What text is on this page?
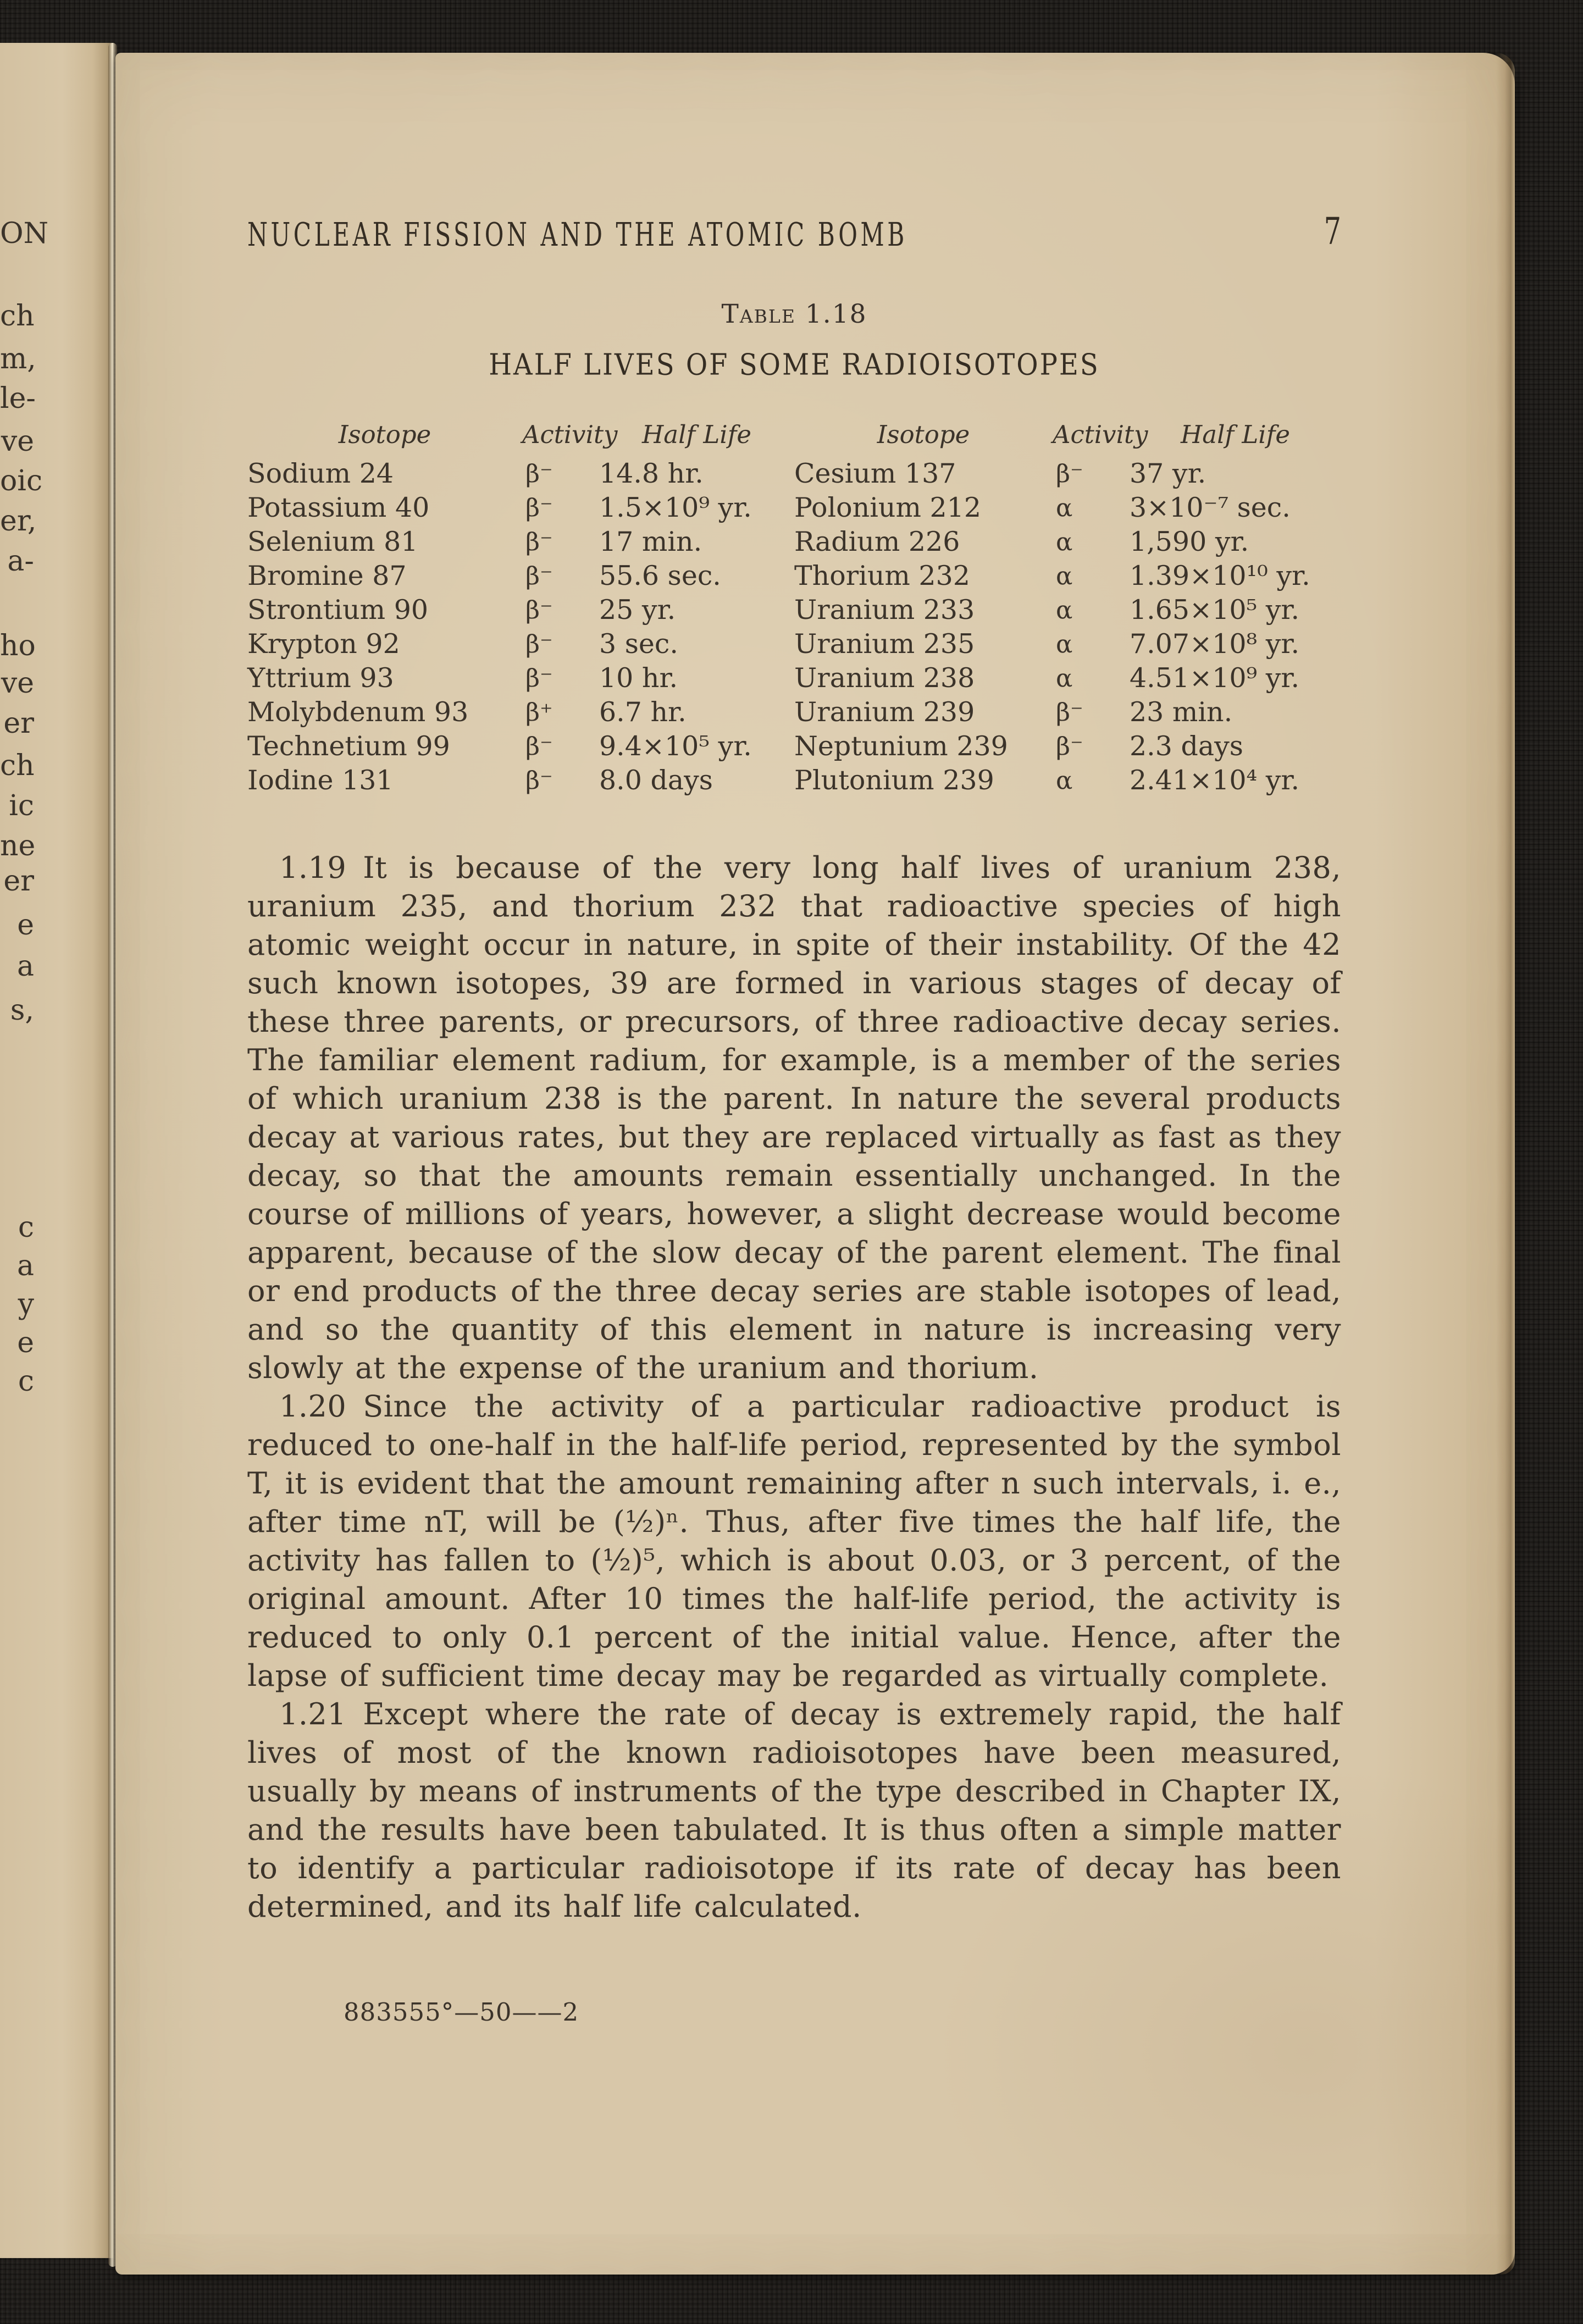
ON
ch
m,
le-
ve
oic
er,
a-
ho
ve
er
ch
ic
ne
er
e
a
s,
c
a
y
e
c
NUCLEAR FISSION AND THE ATOMIC BOMB	7
Table 1.18
HALF LIVES OF SOME RADIOISOTOPES
Isotope	Activity Half Life	Isotope	Activity	Half Life
Sodium 24	β⁻	14.8 hr.	Cesium 137	β⁻	37 yr.
Potassium 40	β⁻	1.5×10⁹ yr.	Polonium 212	α	3×10⁻⁷ sec.
Selenium 81	β⁻	17 min.	Radium 226	α	1,590 yr.
Bromine 87	β⁻	55.6 sec.	Thorium 232	α	1.39×10¹⁰ yr.
Strontium 90	β⁻	25 yr.	Uranium 233	α	1.65×10⁵ yr.
Krypton 92	β⁻	3 sec.	Uranium 235	α	7.07×10⁸ yr.
Yttrium 93	β⁻	10 hr.	Uranium 238	α	4.51×10⁹ yr.
Molybdenum 93	β⁺	6.7 hr.	Uranium 239	β⁻	23 min.
Technetium 99	β⁻	9.4×10⁵ yr.	Neptunium 239	β⁻	2.3 days
Iodine 131	β⁻	8.0 days	Plutonium 239	α	2.41×10⁴ yr.

1.19 It is because of the very long half lives of uranium 238, uranium 235, and thorium 232 that radioactive species of high atomic weight occur in nature, in spite of their instability. Of the 42 such known isotopes, 39 are formed in various stages of decay of these three parents, or precursors, of three radioactive decay series. The familiar element radium, for example, is a member of the series of which uranium 238 is the parent. In nature the several products decay at various rates, but they are replaced virtually as fast as they decay, so that the amounts remain essentially unchanged. In the course of millions of years, however, a slight decrease would become apparent, because of the slow decay of the parent element. The final or end products of the three decay series are stable isotopes of lead, and so the quantity of this element in nature is increasing very slowly at the expense of the uranium and thorium.

1.20 Since the activity of a particular radioactive product is reduced to one-half in the half-life period, represented by the symbol T, it is evident that the amount remaining after n such intervals, i. e., after time nT, will be (½)ⁿ. Thus, after five times the half life, the activity has fallen to (½)⁵, which is about 0.03, or 3 percent, of the original amount. After 10 times the half-life period, the activity is reduced to only 0.1 percent of the initial value. Hence, after the lapse of sufficient time decay may be regarded as virtually complete.

1.21 Except where the rate of decay is extremely rapid, the half lives of most of the known radioisotopes have been measured, usually by means of instruments of the type described in Chapter IX, and the results have been tabulated. It is thus often a simple matter to identify a particular radioisotope if its rate of decay has been determined, and its half life calculated.

883555°—50——2
